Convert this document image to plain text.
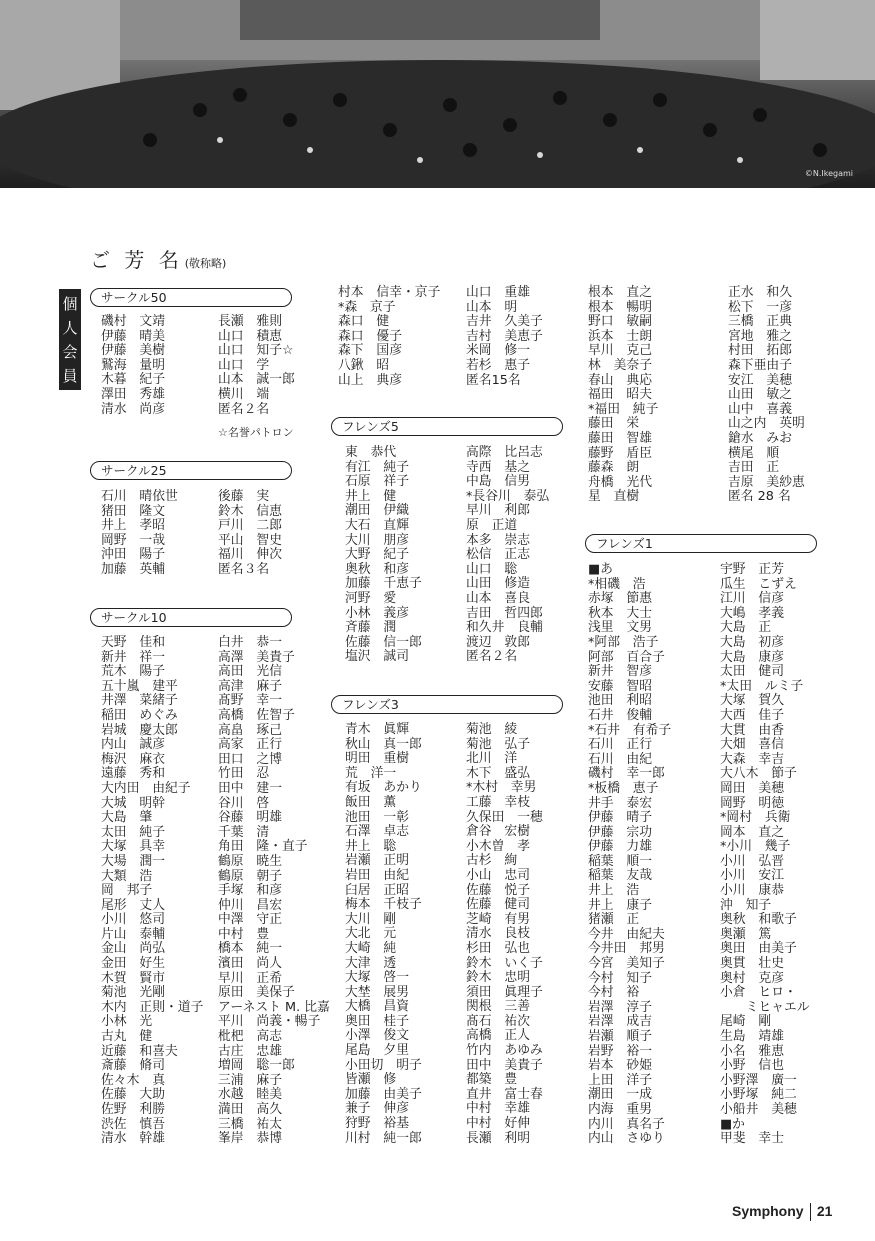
©N.Ikegami
ご 芳 名 (敬称略)
個
人
会
員
サークル50
サークル25
サークル10
フレンズ5
フレンズ3
フレンズ1
磯村　文靖
伊藤　晴美
伊藤　美樹
鷲海　量明
木暮　紀子
澤田　秀雄
清水　尚彦
長瀬　雅則
山口　積恵
山口　知子☆
山口　学
山本　誠一郎
横川　端
匿名２名
☆名誉パトロン
石川　晴依世
猪田　隆文
井上　孝昭
岡野　一哉
沖田　陽子
加藤　英輔
後藤　実
鈴木　信恵
戸川　二郎
平山　智史
福川　伸次
匿名３名
天野　佳和
新井　祥一
荒木　陽子
五十嵐　建平
井澤　菜緒子
稲田　めぐみ
岩城　慶太郎
内山　誠彦
梅沢　麻衣
遠藤　秀和
大内田　由紀子
大城　明幹
大島　肇
太田　純子
大塚　具幸
大場　潤一
大類　浩
岡　邦子
尾形　丈人
小川　悠司
片山　泰輔
金山　尚弘
金田　好生
木賀　賢市
菊池　光剛
木内　正則・道子
小林　光
古丸　健
近藤　和喜夫
斎藤　脩司
佐々木　真
佐藤　大助
佐野　利勝
渋佐　慎吾
清水　幹雄
白井　恭一
高澤　美貴子
高田　光信
高津　麻子
髙野　幸一
高橋　佐智子
高畠　琢己
高家　正行
田口　之博
竹田　忍
田中　建一
谷川　啓
谷藤　明雄
千葉　清
角田　隆・直子
鶴原　暁生
鶴原　朝子
手塚　和彦
仲川　昌宏
中澤　守正
中村　豊
橋本　純一
濱田　尚人
早川　正希
原田　美保子
アーネスト M. 比嘉
平川　尚義・暢子
枇杷　高志
古庄　忠雄
増岡　聡一郎
三浦　麻子
水越　睦美
満田　高久
三橋　祐太
峯岸　恭博
村本　信幸・京子
*森　京子
森口　健
森口　優子
森下　国彦
八鍬　昭
山上　典彦
山口　重雄
山本　明
吉井　久美子
吉村　美恵子
米岡　修一
若杉　惠子
匿名15名
東　恭代
有江　純子
石原　祥子
井上　健
潮田　伊織
大石　直輝
大川　朋彦
大野　紀子
奥秋　和彦
加藤　千恵子
河野　愛
小林　義彦
斉藤　潤
佐藤　信一郎
塩沢　誠司
高際　比呂志
寺西　基之
中島　信男
*長谷川　泰弘
早川　利郎
原　正道
本多　崇志
松信　正志
山口　聡
山田　修造
山本　喜良
吉田　哲四郎
和久井　良輔
渡辺　敦郎
匿名２名
青木　眞輝
秋山　真一郎
明田　重樹
荒　洋一
有坂　あかり
飯田　薫
池田　一彰
石澤　卓志
井上　聡
岩瀬　正明
岩田　由紀
臼居　正昭
梅本　千枝子
大川　剛
大北　元
大崎　純
大津　透
大塚　啓一
大埜　展男
大橋　昌資
奥田　桂子
小澤　俊文
尾島　夕里
小田切　明子
皆瀬　修
加藤　由美子
兼子　伸彦
狩野　裕基
川村　純一郎
菊池　綾
菊池　弘子
北川　洋
木下　盛弘
*木村　幸男
工藤　幸枝
久保田　一穂
倉谷　宏樹
小木曽　孝
古杉　絢
小山　忠司
佐藤　悦子
佐藤　健司
芝崎　有男
清水　良枝
杉田　弘也
鈴木　いく子
鈴木　忠明
須田　眞理子
関根　三善
髙石　祐次
高橋　正人
竹内　あゆみ
田中　美貴子
都築　豊
直井　富士春
中村　幸雄
中村　好伸
長瀬　利明
根本　直之
根本　暢明
野口　敏嗣
浜本　士朗
早川　克己
林　美奈子
春山　典応
福田　昭夫
*福田　純子
藤田　栄
藤田　智雄
藤野　盾臣
藤森　朗
舟橋　光代
星　直樹
正水　和久
松下　一彦
三橋　正典
宮地　雅之
村田　拓郎
森下亜由子
安江　美穂
山田　敏之
山中　喜義
山之内　英明
鎗水　みお
横尾　順
吉田　正
吉原　美紗恵
匿名 28 名
■あ
*相磯　浩
赤塚　節惠
秋本　大士
浅里　文男
*阿部　浩子
阿部　百合子
新井　智彦
安藤　智昭
池田　利昭
石井　俊輔
*石井　有希子
石川　正行
石川　由紀
磯村　幸一郎
*板橋　恵子
井手　泰宏
伊藤　晴子
伊藤　宗功
伊藤　力雄
稲葉　順一
稲葉　友哉
井上　浩
井上　康子
猪瀬　正
今井　由紀夫
今井田　邦男
今宮　美知子
今村　知子
今村　裕
岩澤　淳子
岩澤　成吉
岩瀬　順子
岩野　裕一
岩本　砂姫
上田　洋子
潮田　一成
内海　重男
内川　真名子
内山　さゆり
宇野　正芳
瓜生　こずえ
江川　信彦
大嶋　孝義
大島　正
大島　初彦
大島　康彦
太田　健司
*太田　ルミ子
大塚　賀久
大西　佳子
大貫　由香
大畑　喜信
大森　幸吉
大八木　節子
岡田　美穂
岡野　明徳
*岡村　兵衛
岡本　直之
*小川　幾子
小川　弘晋
小川　安江
小川　康恭
沖　知子
奥秋　和歌子
奥瀬　篤
奥田　由美子
奥貫　壮史
奥村　克彦
小倉　ヒロ・
　　ミヒャエル
尾崎　剛
生島　靖雄
小名　雅恵
小野　信也
小野澤　廣一
小野塚　純二
小船井　美穂
■か
甲斐　幸士
Symphony 21
